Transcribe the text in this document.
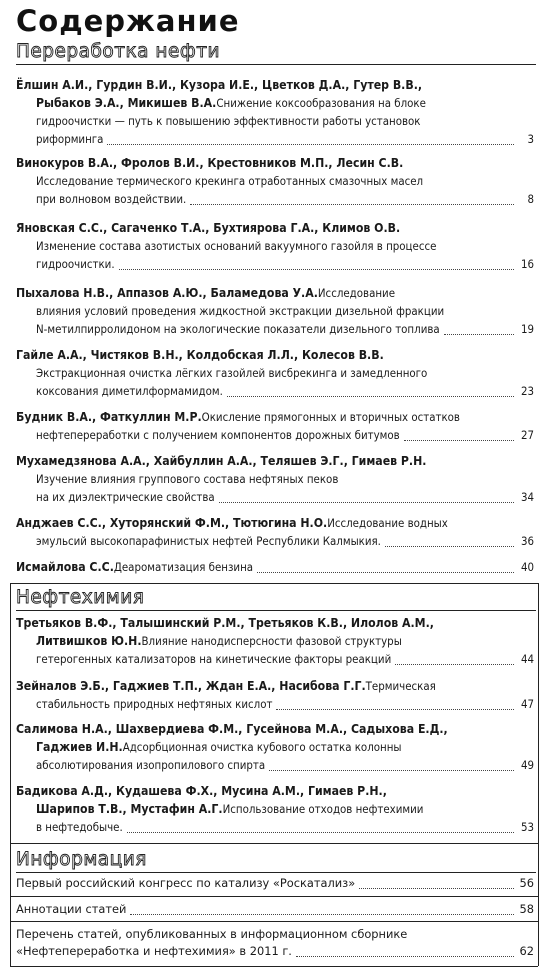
Содержание
Переработка нефти
Ёлшин А.И., Гурдин В.И., Кузора И.Е., Цветков Д.А., Гутер В.В.,
Рыбаков Э.А., Микишев В.А. Снижение коксообразования на блоке
гидроочистки — путь к повышению эффективности работы установок
риформинга	3
Винокуров В.А., Фролов В.И., Крестовников М.П., Лесин С.В.
Исследование термического крекинга отработанных смазочных масел
при волновом воздействии.	8
Яновская С.С., Сагаченко Т.А., Бухтиярова Г.А., Климов О.В.
Изменение состава азотистых оснований вакуумного газойля в процессе
гидроочистки.	16
Пыхалова Н.В., Аппазов А.Ю., Баламедова У.А. Исследование
влияния условий проведения жидкостной экстракции дизельной фракции
N-метилпирролидоном на экологические показатели дизельного топлива	19
Гайле А.А., Чистяков В.Н., Колдобская Л.Л., Колесов В.В.
Экстракционная очистка лёгких газойлей висбрекинга и замедленного
коксования диметилформамидом.	23
Будник В.А., Фаткуллин М.Р. Окисление прямогонных и вторичных остатков
нефтепереработки с получением компонентов дорожных битумов	27
Мухамедзянова А.А., Хайбуллин А.А., Теляшев Э.Г., Гимаев Р.Н.
Изучение влияния группового состава нефтяных пеков
на их диэлектрические свойства	34
Анджаев С.С., Хуторянский Ф.М., Тютюгина Н.О. Исследование водных
эмульсий высокопарафинистых нефтей Республики Калмыкия.	36
Исмайлова С.С. Деароматизация бензина	40
Нефтехимия
Третьяков В.Ф., Талышинский Р.М., Третьяков К.В., Илолов А.М.,
Литвишков Ю.Н. Влияние нанодисперсности фазовой структуры
гетерогенных катализаторов на кинетические факторы реакций	44
Зейналов Э.Б., Гаджиев Т.П., Ждан Е.А., Насибова Г.Г. Термическая
стабильность природных нефтяных кислот	47
Салимова Н.А., Шахвердиева Ф.М., Гусейнова М.А., Садыхова Е.Д.,
Гаджиев И.Н. Адсорбционная очистка кубового остатка колонны
абсолютирования изопропилового спирта	49
Бадикова А.Д., Кудашева Ф.Х., Мусина А.М., Гимаев Р.Н.,
Шарипов Т.В., Мустафин А.Г. Использование отходов нефтехимии
в нефтедобыче.	53
Информация
Первый российский конгресс по катализу «Роскатализ»	56
Аннотации статей	58
Перечень статей, опубликованных в информационном сборнике
«Нефтепереработка и нефтехимия» в 2011 г.	62
